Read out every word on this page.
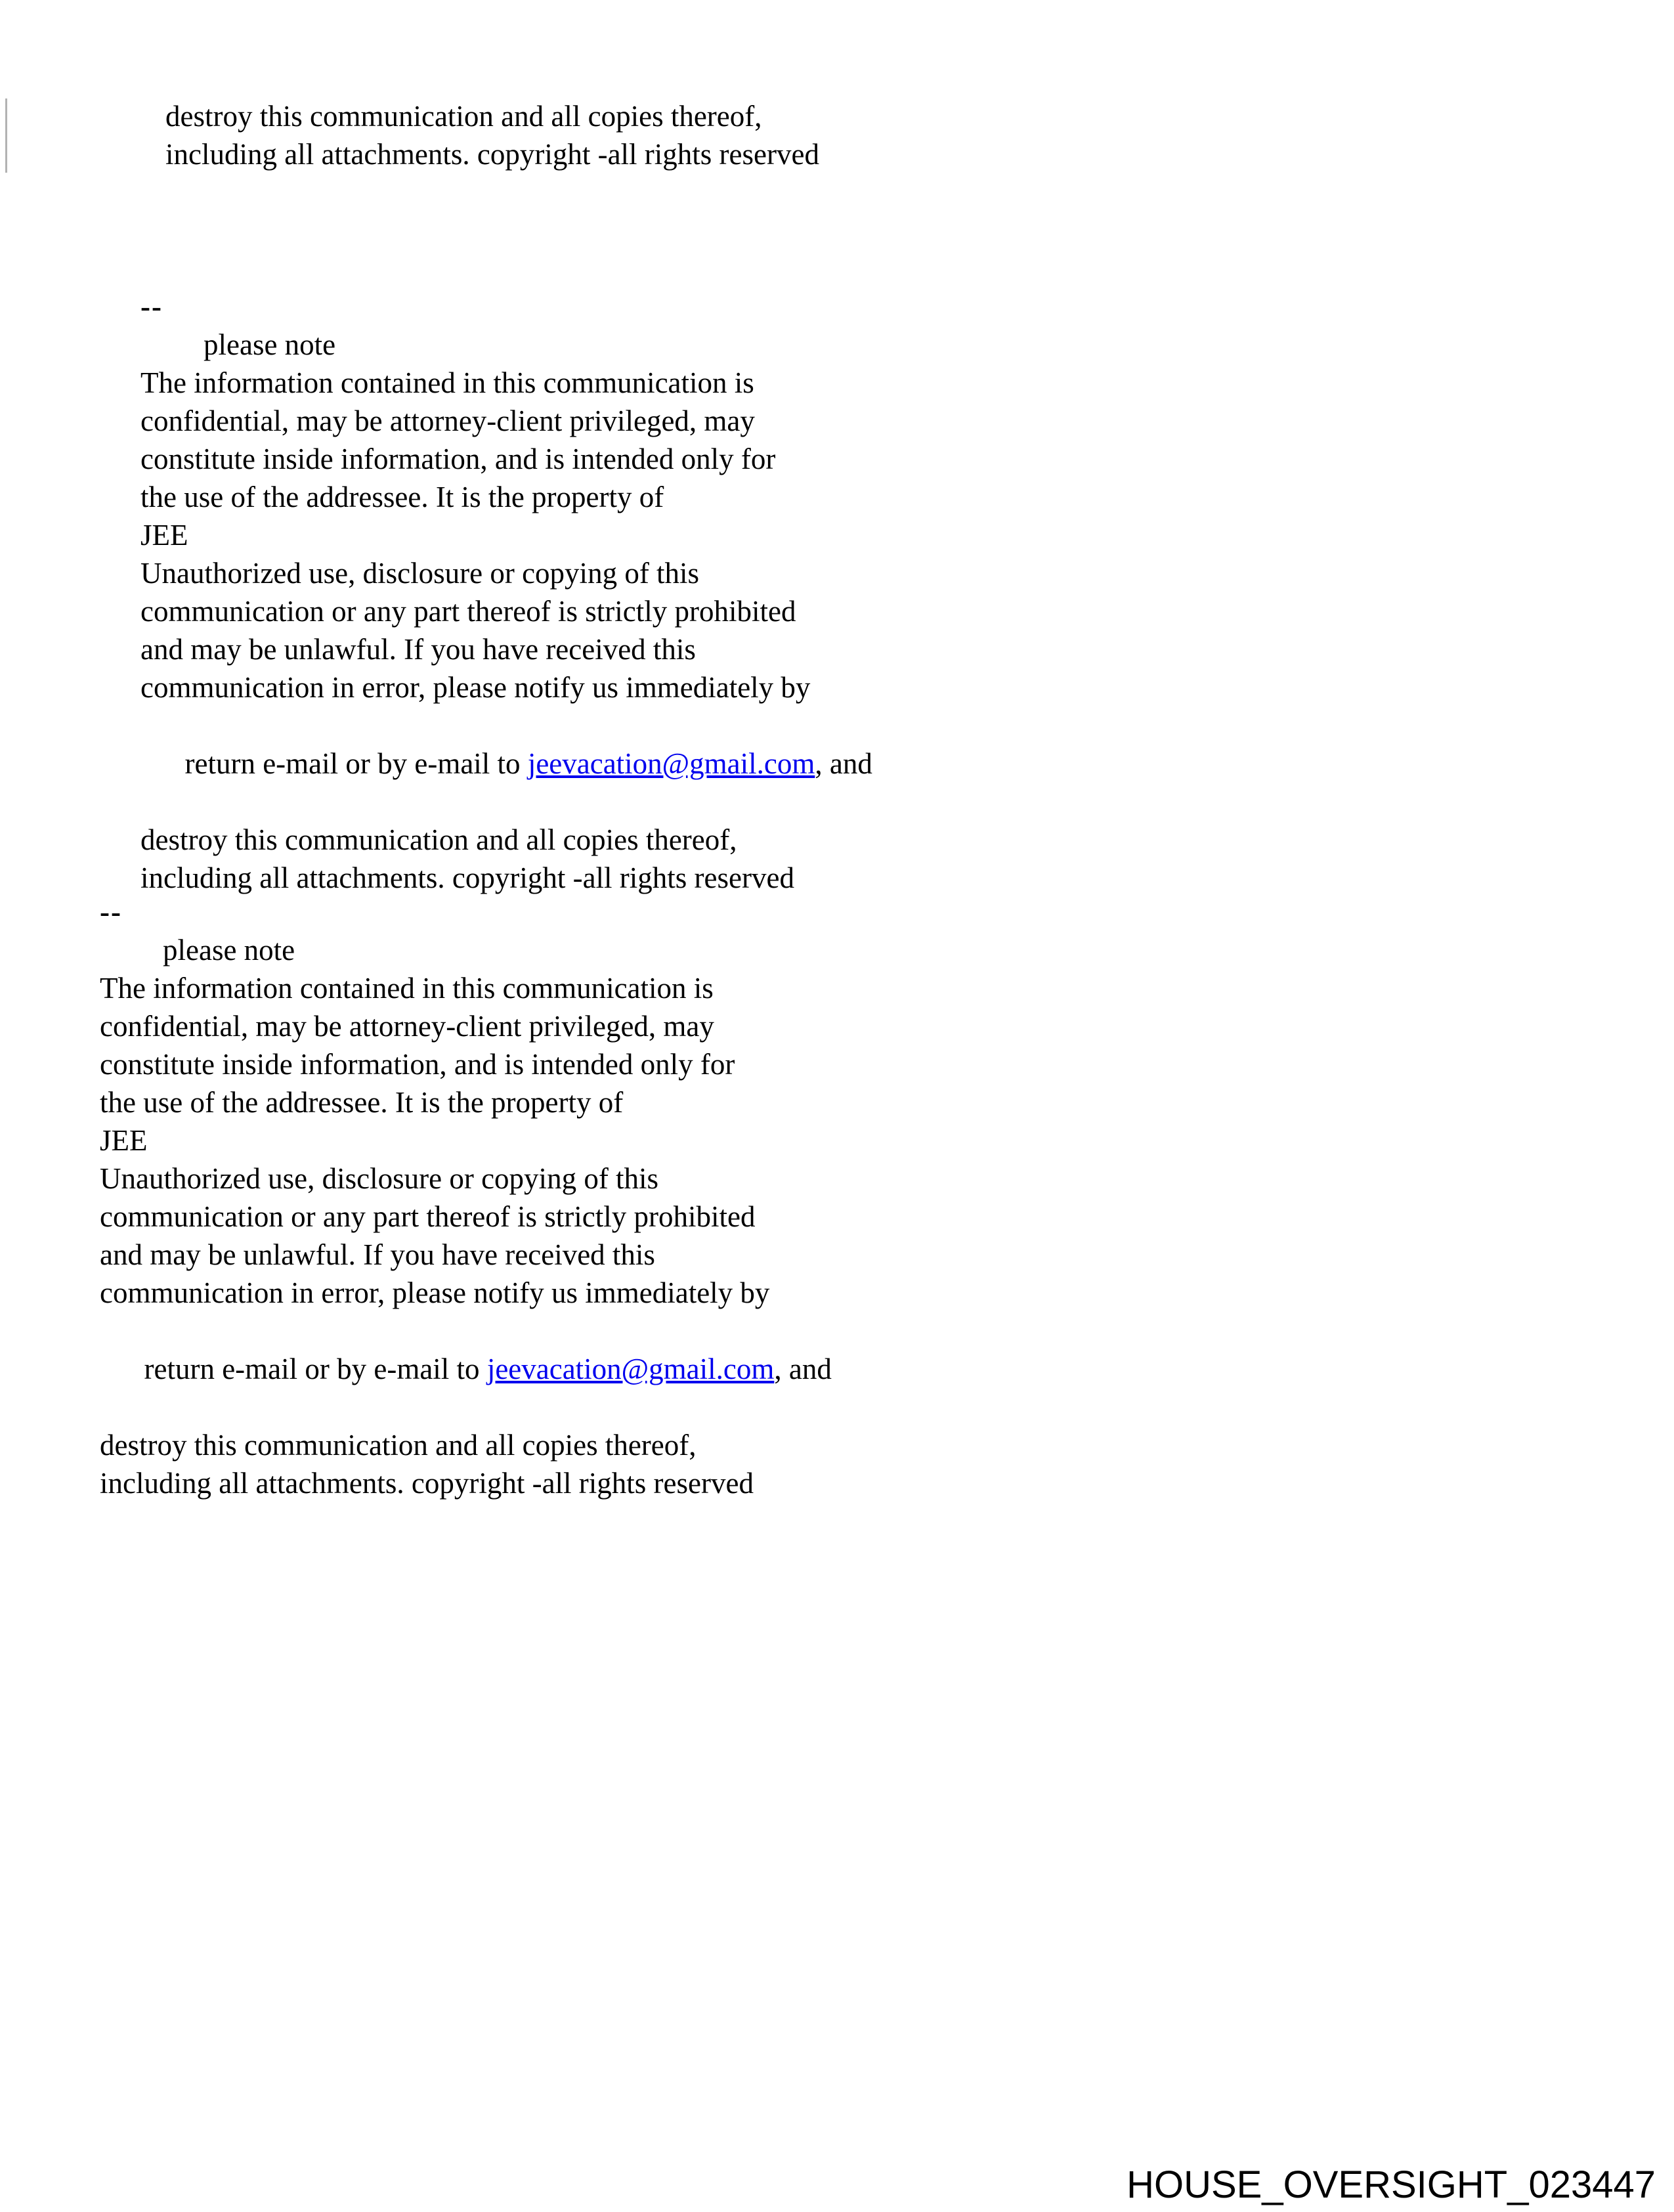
destroy this communication and all copies thereof,
including all attachments. copyright -all rights reserved
--
please note
The information contained in this communication is
confidential, may be attorney-client privileged, may
constitute inside information, and is intended only for
the use of the addressee. It is the property of
JEE
Unauthorized use, disclosure or copying of this
communication or any part thereof is strictly prohibited
and may be unlawful. If you have received this
communication in error, please notify us immediately by

return e-mail or by e-mail to jeevacation@gmail.com, and

destroy this communication and all copies thereof,
including all attachments. copyright -all rights reserved
--
please note
The information contained in this communication is
confidential, may be attorney-client privileged, may
constitute inside information, and is intended only for
the use of the addressee. It is the property of
JEE
Unauthorized use, disclosure or copying of this
communication or any part thereof is strictly prohibited
and may be unlawful. If you have received this
communication in error, please notify us immediately by

return e-mail or by e-mail to jeevacation@gmail.com, and

destroy this communication and all copies thereof,
including all attachments. copyright -all rights reserved
HOUSE_OVERSIGHT_023447
